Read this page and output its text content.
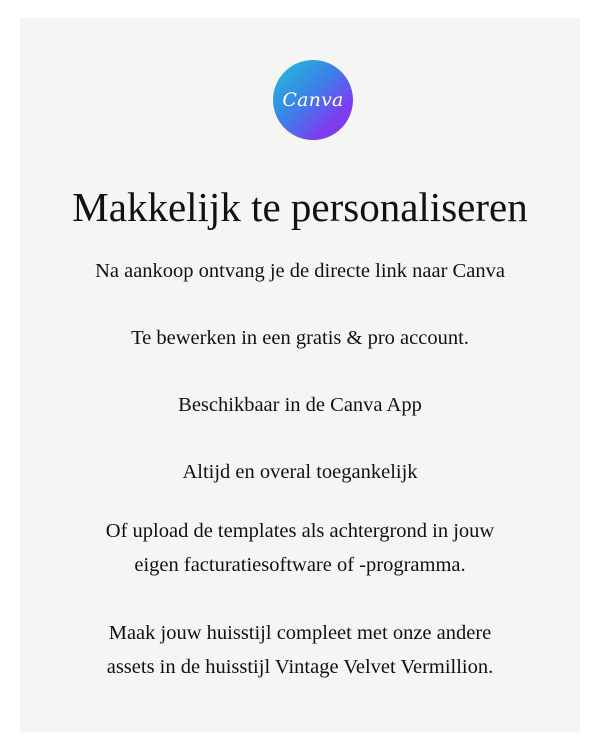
Canva
Makkelijk te personaliseren
Na aankoop ontvang je de directe link naar Canva
Te bewerken in een gratis & pro account.
Beschikbaar in de Canva App
Altijd en overal toegankelijk
Of upload de templates als achtergrond in jouw
eigen facturatiesoftware of -programma.
Maak jouw huisstijl compleet met onze andere
assets in de huisstijl Vintage Velvet Vermillion.
